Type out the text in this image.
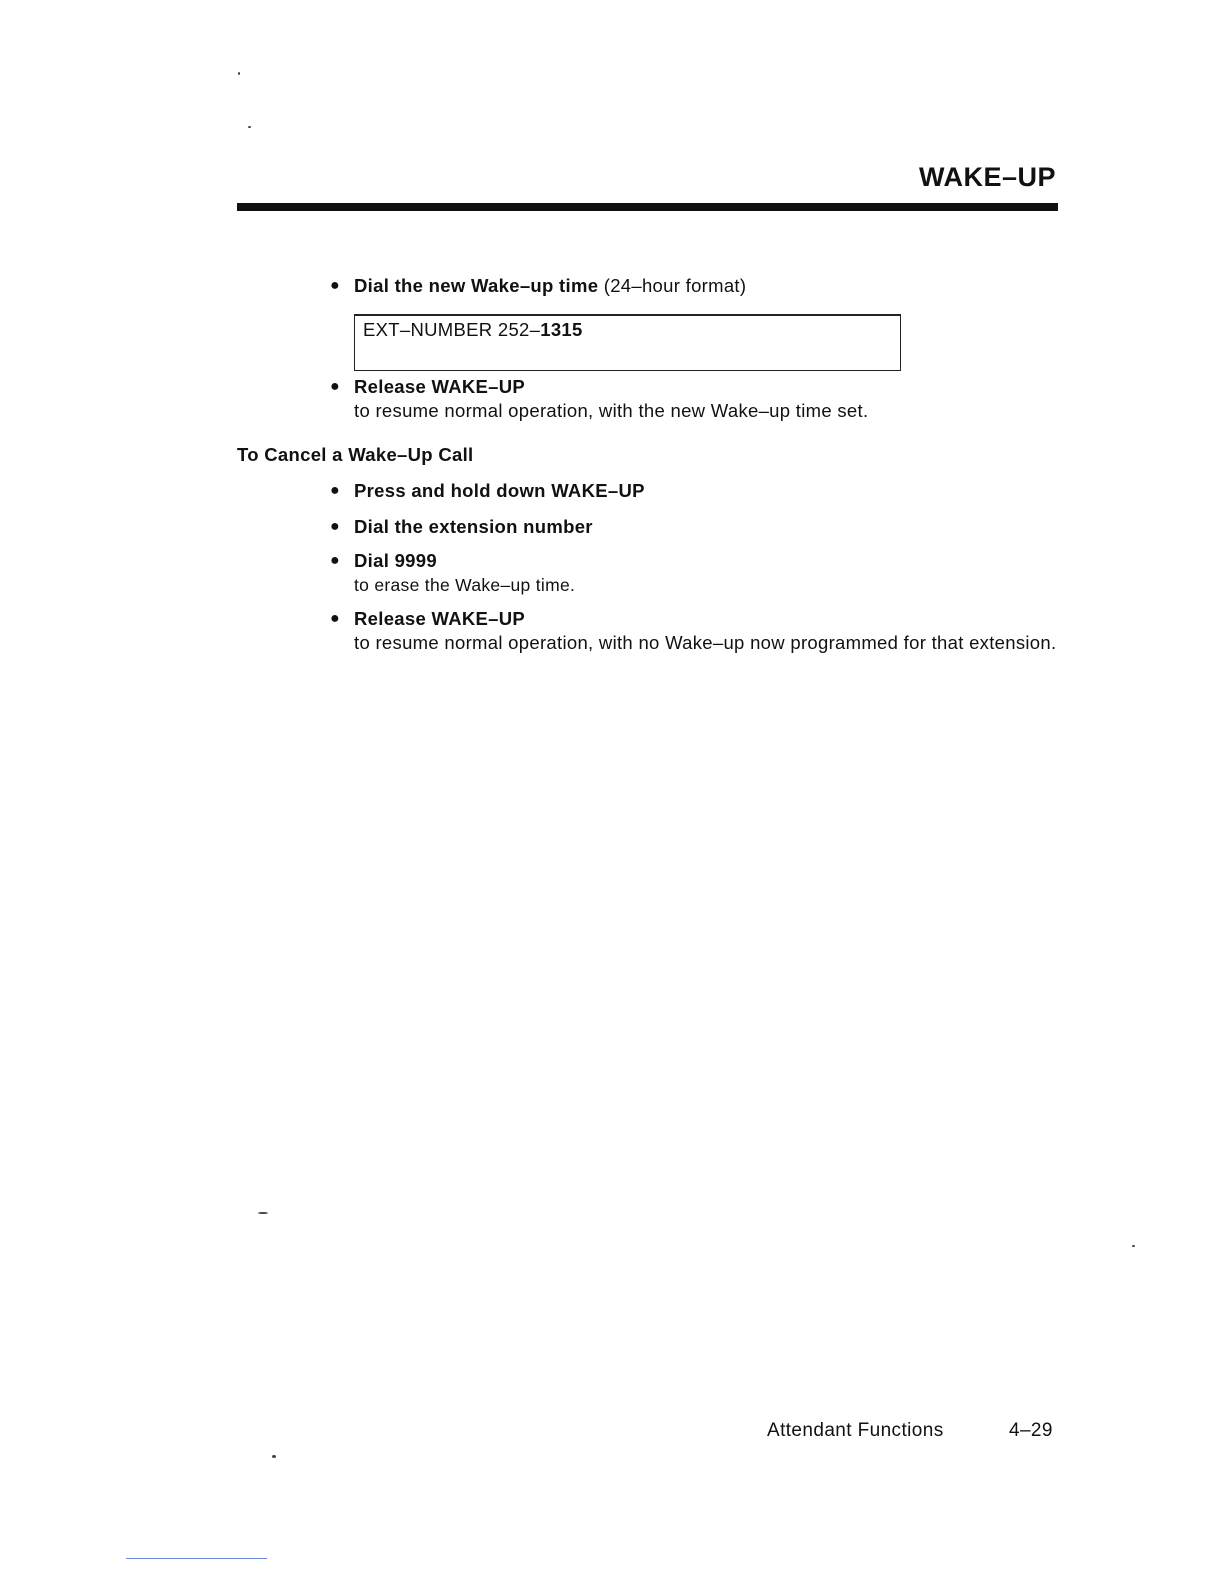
WAKE–UP
● Dial the new Wake–up time (24–hour format)
EXT–NUMBER 252–1315
● Release WAKE–UP
to resume normal operation, with the new Wake–up time set.
To Cancel a Wake–Up Call
● Press and hold down WAKE–UP
● Dial the extension number
● Dial 9999
to erase the Wake–up time.
● Release WAKE–UP
to resume normal operation, with no Wake–up now programmed for that extension.
Attendant Functions	4–29
